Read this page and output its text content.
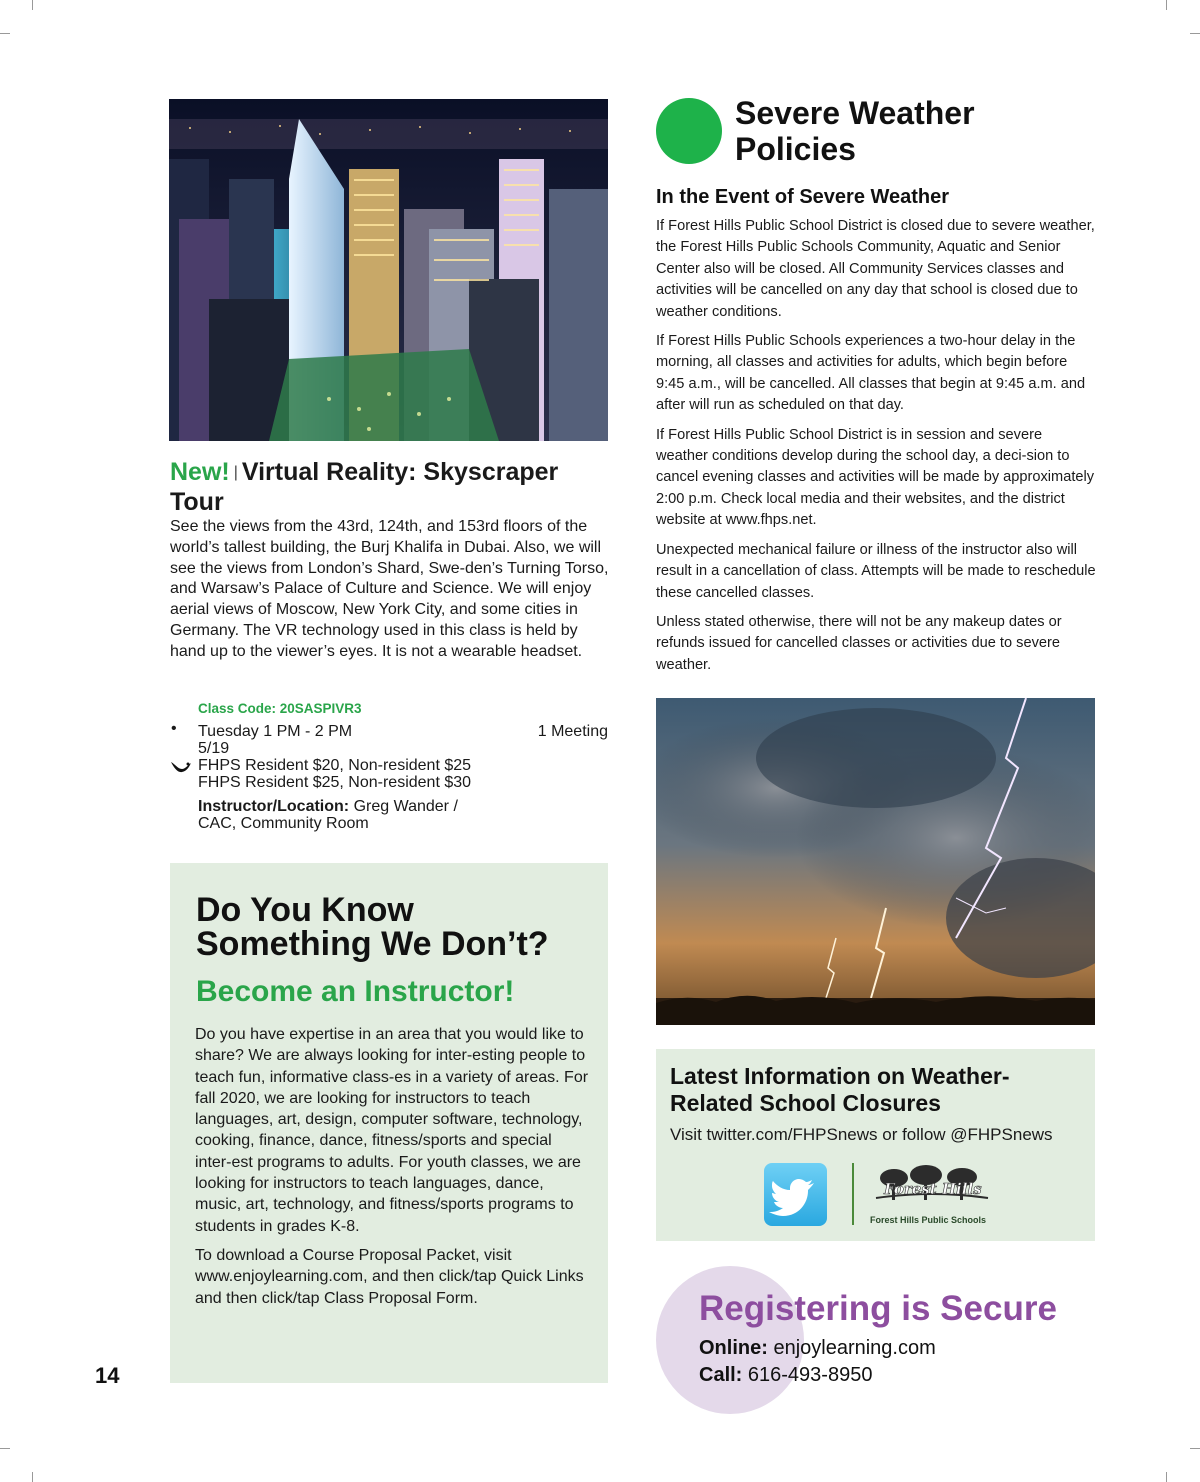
New! | Virtual Reality: Skyscraper Tour
See the views from the 43rd, 124th, and 153rd floors of the world’s tallest building, the Burj Khalifa in Dubai. Also, we will see the views from London’s Shard, Swe-den’s Turning Torso, and Warsaw’s Palace of Culture and Science. We will enjoy aerial views of Moscow, New York City, and some cities in Germany. The VR technology used in this class is held by hand up to the viewer’s eyes. It is not a wearable headset.
Class Code: 20SASPIVR3
• Tuesday 1 PM - 2 PM
5/19
1 Meeting
FHPS Resident $20, Non-resident $25
FHPS Resident $25, Non-resident $30
Instructor/Location: Greg Wander /
CAC, Community Room
Do You Know
Something We Don’t?
Become an Instructor!

Do you have expertise in an area that you would like to share? We are always looking for inter-esting people to teach fun, informative class-es in a variety of areas. For fall 2020, we are looking for instructors to teach languages, art, design, computer software, technology, cooking, finance, dance, fitness/sports and special inter-est programs to adults. For youth classes, we are looking for instructors to teach languages, dance, music, art, technology, and fitness/sports programs to students in grades K-8.

To download a Course Proposal Packet, visit www.enjoylearning.com, and then click/tap Quick Links and then click/tap Class Proposal Form.

14
Severe Weather
Policies
In the Event of Severe Weather

If Forest Hills Public School District is closed due to severe weather, the Forest Hills Public Schools Community, Aquatic and Senior Center also will be closed. All Community Services classes and activities will be cancelled on any day that school is closed due to weather conditions.

If Forest Hills Public Schools experiences a two-hour delay in the morning, all classes and activities for adults, which begin before 9:45 a.m., will be cancelled. All classes that begin at 9:45 a.m. and after will run as scheduled on that day.

If Forest Hills Public School District is in session and severe weather conditions develop during the school day, a deci-sion to cancel evening classes and activities will be made by approximately 2:00 p.m. Check local media and their websites, and the district website at www.fhps.net.

Unexpected mechanical failure or illness of the instructor also will result in a cancellation of class. Attempts will be made to reschedule these cancelled classes.

Unless stated otherwise, there will not be any makeup dates or refunds issued for cancelled classes or activities due to severe weather.

Latest Information on Weather-
Related School Closures
Visit twitter.com/FHPSnews or follow @FHPSnews
Forest Hills
Forest Hills Public Schools
Registering is Secure
Online: enjoylearning.com
Call: 616-493-8950
